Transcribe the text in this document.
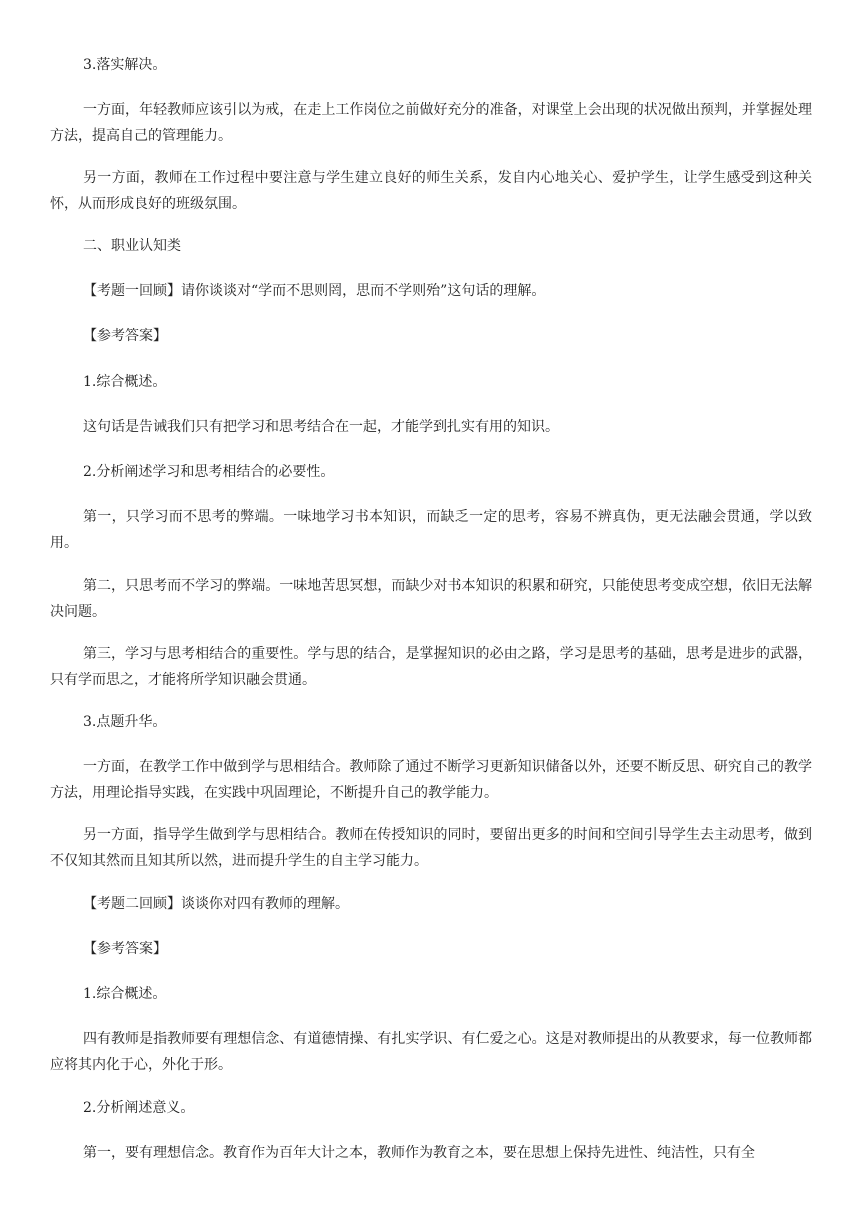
3.落实解决。

一方面，年轻教师应该引以为戒，在走上工作岗位之前做好充分的准备，对课堂上会出现的状况做出预判，并掌握处理方法，提高自己的管理能力。

另一方面，教师在工作过程中要注意与学生建立良好的师生关系，发自内心地关心、爱护学生，让学生感受到这种关怀，从而形成良好的班级氛围。

二、职业认知类

【考题一回顾】请你谈谈对“学而不思则罔，思而不学则殆”这句话的理解。

【参考答案】

1.综合概述。

这句话是告诫我们只有把学习和思考结合在一起，才能学到扎实有用的知识。

2.分析阐述学习和思考相结合的必要性。

第一，只学习而不思考的弊端。一味地学习书本知识，而缺乏一定的思考，容易不辨真伪，更无法融会贯通，学以致用。

第二，只思考而不学习的弊端。一味地苦思冥想，而缺少对书本知识的积累和研究，只能使思考变成空想，依旧无法解决问题。

第三，学习与思考相结合的重要性。学与思的结合，是掌握知识的必由之路，学习是思考的基础，思考是进步的武器，只有学而思之，才能将所学知识融会贯通。

3.点题升华。

一方面，在教学工作中做到学与思相结合。教师除了通过不断学习更新知识储备以外，还要不断反思、研究自己的教学方法，用理论指导实践，在实践中巩固理论，不断提升自己的教学能力。

另一方面，指导学生做到学与思相结合。教师在传授知识的同时，要留出更多的时间和空间引导学生去主动思考，做到不仅知其然而且知其所以然，进而提升学生的自主学习能力。

【考题二回顾】谈谈你对四有教师的理解。

【参考答案】

1.综合概述。

四有教师是指教师要有理想信念、有道德情操、有扎实学识、有仁爱之心。这是对教师提出的从教要求，每一位教师都应将其内化于心，外化于形。

2.分析阐述意义。

第一，要有理想信念。教育作为百年大计之本，教师作为教育之本，要在思想上保持先进性、纯洁性，只有全
